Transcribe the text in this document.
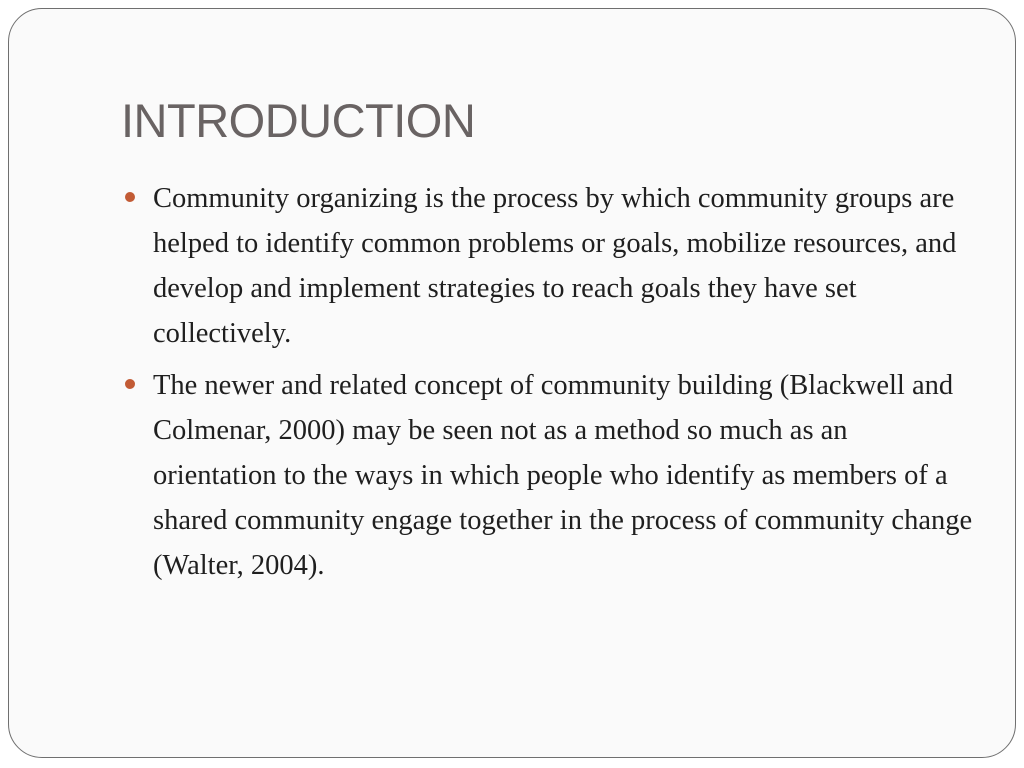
INTRODUCTION
Community organizing is the process by which community groups are helped to identify common problems or goals, mobilize resources, and develop and implement strategies to reach goals they have set collectively.
The newer and related concept of community building (Blackwell and Colmenar, 2000) may be seen not as a method so much as an orientation to the ways in which people who identify as members of a shared community engage together in the process of community change (Walter, 2004).
